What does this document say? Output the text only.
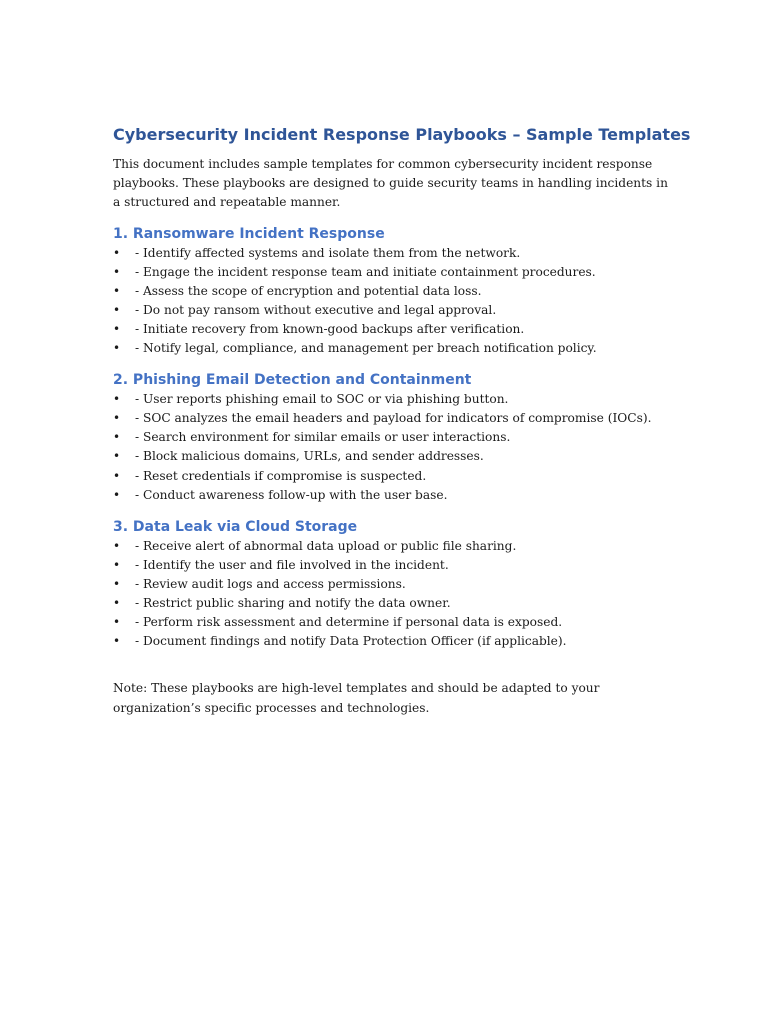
Cybersecurity Incident Response Playbooks – Sample Templates

This document includes sample templates for common cybersecurity incident response playbooks. These playbooks are designed to guide security teams in handling incidents in a structured and repeatable manner.

1. Ransomware Incident Response
• - Identify affected systems and isolate them from the network.
• - Engage the incident response team and initiate containment procedures.
• - Assess the scope of encryption and potential data loss.
• - Do not pay ransom without executive and legal approval.
• - Initiate recovery from known-good backups after verification.
• - Notify legal, compliance, and management per breach notification policy.
2. Phishing Email Detection and Containment
• - User reports phishing email to SOC or via phishing button.
• - SOC analyzes the email headers and payload for indicators of compromise (IOCs).
• - Search environment for similar emails or user interactions.
• - Block malicious domains, URLs, and sender addresses.
• - Reset credentials if compromise is suspected.
• - Conduct awareness follow-up with the user base.
3. Data Leak via Cloud Storage
• - Receive alert of abnormal data upload or public file sharing.
• - Identify the user and file involved in the incident.
• - Review audit logs and access permissions.
• - Restrict public sharing and notify the data owner.
• - Perform risk assessment and determine if personal data is exposed.
• - Document findings and notify Data Protection Officer (if applicable).

Note: These playbooks are high-level templates and should be adapted to your organization’s specific processes and technologies.
